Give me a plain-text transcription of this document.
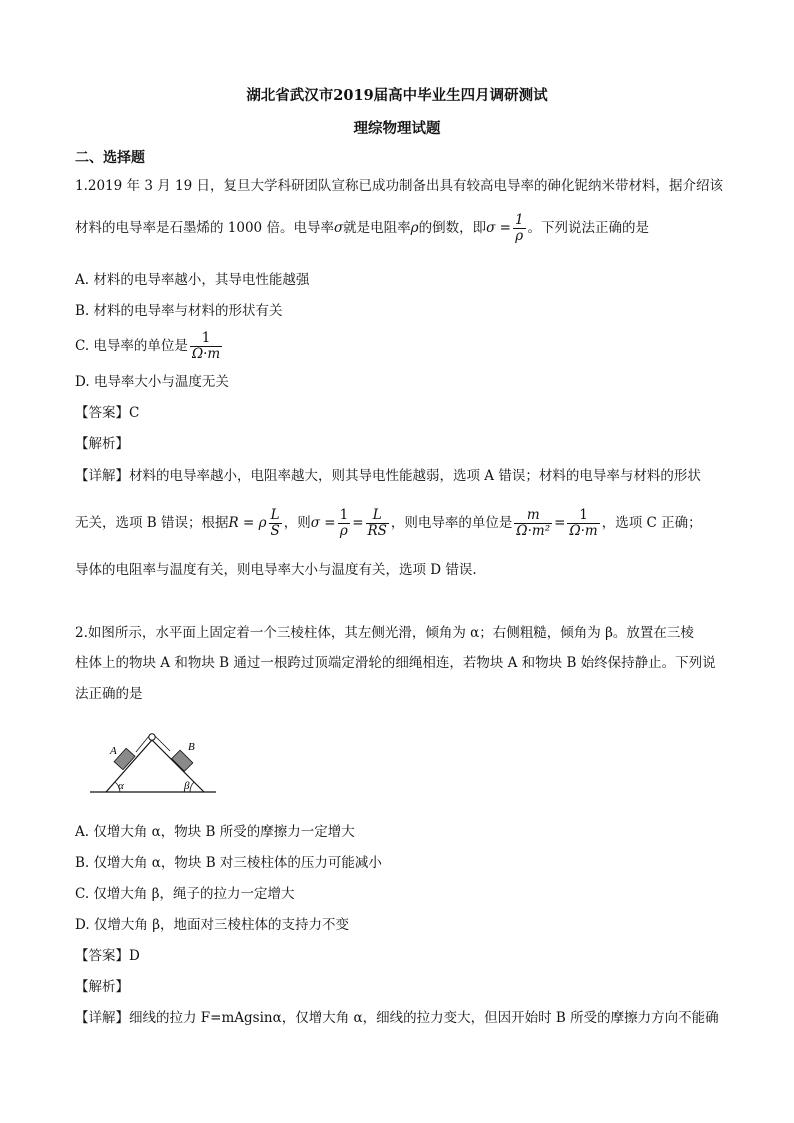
湖北省武汉市2019届高中毕业生四月调研测试
理综物理试题
二、选择题
1.2019 年 3 月 19 日，复旦大学科研团队宣称已成功制备出具有较高电导率的砷化铌纳米带材料，据介绍该
材料的电导率是石墨烯的 1000 倍。电导率σ就是电阻率ρ的倒数，即$\sigma = \frac{1}{\rho}$ 。下列说法正确的是
A. 材料的电导率越小，其导电性能越强
B. 材料的电导率与材料的形状有关
C. 电导率的单位是 $\frac{1}{\Omega\cdot m}$
D. 电导率大小与温度无关
【答案】C
【解析】
【详解】材料的电导率越小，电阻率越大，则其导电性能越弱，选项 A 错误；材料的电导率与材料的形状
无关，选项 B 错误；根据R = ρ $\frac{L}{S}$ ，则$\sigma = \frac{1}{\rho} = \frac{L}{RS}$ ，则电导率的单位是 $\frac{m}{\text{Ω·m²}} = \frac{1}{\Omega\cdot m}$ ，选项 C 正确；
导体的电阻率与温度有关，则电导率大小与温度有关，选项 D 错误.
2.如图所示，水平面上固定着一个三棱柱体，其左侧光滑，倾角为 α；右侧粗糙，倾角为 β。放置在三棱
柱体上的物块 A 和物块 B 通过一根跨过顶端定滑轮的细绳相连，若物块 A 和物块 B 始终保持静止。下列说
法正确的是
A	B
α	β
A. 仅增大角 α，物块 B 所受的摩擦力一定增大
B. 仅增大角 α，物块 B 对三棱柱体的压力可能减小
C. 仅增大角 β，绳子的拉力一定增大
D. 仅增大角 β，地面对三棱柱体的支持力不变
【答案】D
【解析】
【详解】细线的拉力 F=mAgsinα，仅增大角 α，细线的拉力变大，但因开始时 B 所受的摩擦力方向不能确
